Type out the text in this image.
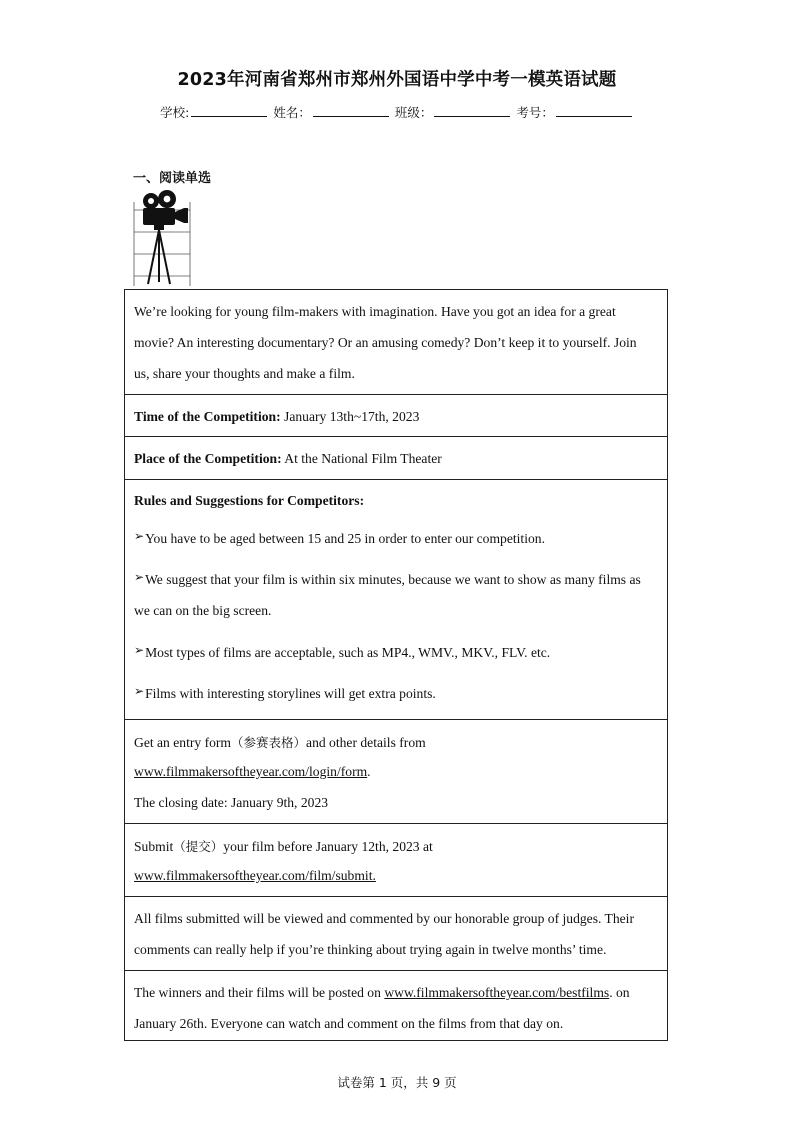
2023年河南省郑州市郑州外国语中学中考一模英语试题
学校:	姓名：	班级：	考号：
一、阅读单选
We’re looking for young film-makers with imagination. Have you got an idea for a great
movie? An interesting documentary? Or an amusing comedy? Don’t keep it to yourself. Join
us, share your thoughts and make a film.
Time of the Competition: January 13th~17th, 2023
Place of the Competition: At the National Film Theater
Rules and Suggestions for Competitors:
➢You have to be aged between 15 and 25 in order to enter our competition.
➢We suggest that your film is within six minutes, because we want to show as many films as
we can on the big screen.
➢Most types of films are acceptable, such as MP4., WMV., MKV., FLV. etc.
➢Films with interesting storylines will get extra points.
Get an entry form（参赛表格）and other details from
www.filmmakersoftheyear.com/login/form.
The closing date: January 9th, 2023
Submit（提交）your film before January 12th, 2023 at
www.filmmakersoftheyear.com/film/submit.
All films submitted will be viewed and commented by our honorable group of judges. Their
comments can really help if you’re thinking about trying again in twelve months’ time.
The winners and their films will be posted on www.filmmakersoftheyear.com/bestfilms. on
January 26th. Everyone can watch and comment on the films from that day on.
试卷第 1 页，共 9 页
